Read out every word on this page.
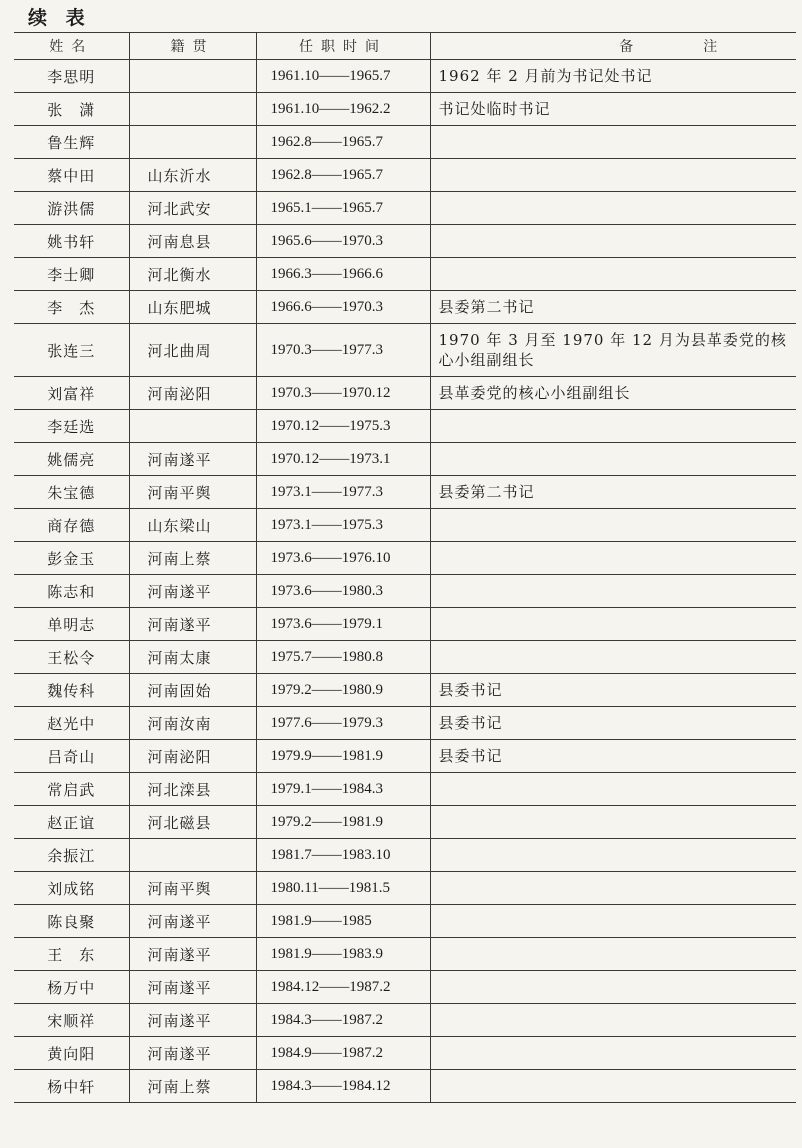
续 表
姓名	籍贯	任职时间	备 注
李思明		1961.10——1965.7	1962 年 2 月前为书记处书记
张　潇		1961.10——1962.2	书记处临时书记
鲁生辉		1962.8——1965.7	
蔡中田	山东沂水	1962.8——1965.7	
游洪儒	河北武安	1965.1——1965.7	
姚书轩	河南息县	1965.6——1970.3	
李士卿	河北衡水	1966.3——1966.6	
李　杰	山东肥城	1966.6——1970.3	县委第二书记
张连三	河北曲周	1970.3——1977.3	1970 年 3 月至 1970 年 12 月为县革委党的核心小组副组长
刘富祥	河南泌阳	1970.3——1970.12	县革委党的核心小组副组长
李廷选		1970.12——1975.3	
姚儒亮	河南遂平	1970.12——1973.1	
朱宝德	河南平舆	1973.1——1977.3	县委第二书记
商存德	山东梁山	1973.1——1975.3	
彭金玉	河南上蔡	1973.6——1976.10	
陈志和	河南遂平	1973.6——1980.3	
单明志	河南遂平	1973.6——1979.1	
王松令	河南太康	1975.7——1980.8	
魏传科	河南固始	1979.2——1980.9	县委书记
赵光中	河南汝南	1977.6——1979.3	县委书记
吕奇山	河南泌阳	1979.9——1981.9	县委书记
常启武	河北滦县	1979.1——1984.3	
赵正谊	河北磁县	1979.2——1981.9	
余振江		1981.7——1983.10	
刘成铭	河南平舆	1980.11——1981.5	
陈良聚	河南遂平	1981.9——1985	
王　东	河南遂平	1981.9——1983.9	
杨万中	河南遂平	1984.12——1987.2	
宋顺祥	河南遂平	1984.3——1987.2	
黄向阳	河南遂平	1984.9——1987.2	
杨中轩	河南上蔡	1984.3——1984.12	
